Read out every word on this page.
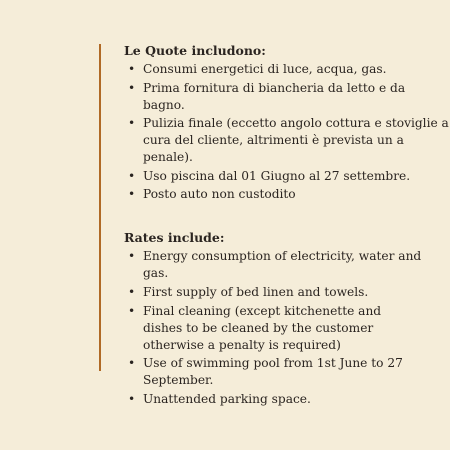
Le Quote includono:
• Consumi energetici di luce, acqua, gas.
• Prima fornitura di biancheria da letto e da bagno.
• Pulizia finale (eccetto angolo cottura e stoviglie a cura del cliente, altrimenti è prevista un a penale).
• Uso piscina dal 01 Giugno al 27 settembre.
• Posto auto non custodito
Rates include:
• Energy consumption of electricity, water and gas.
• First supply of bed linen and towels.
• Final cleaning (except kitchenette and dishes to be cleaned by the customer otherwise a penalty is required)
• Use of swimming pool from 1st June to 27 September.
• Unattended parking space.
